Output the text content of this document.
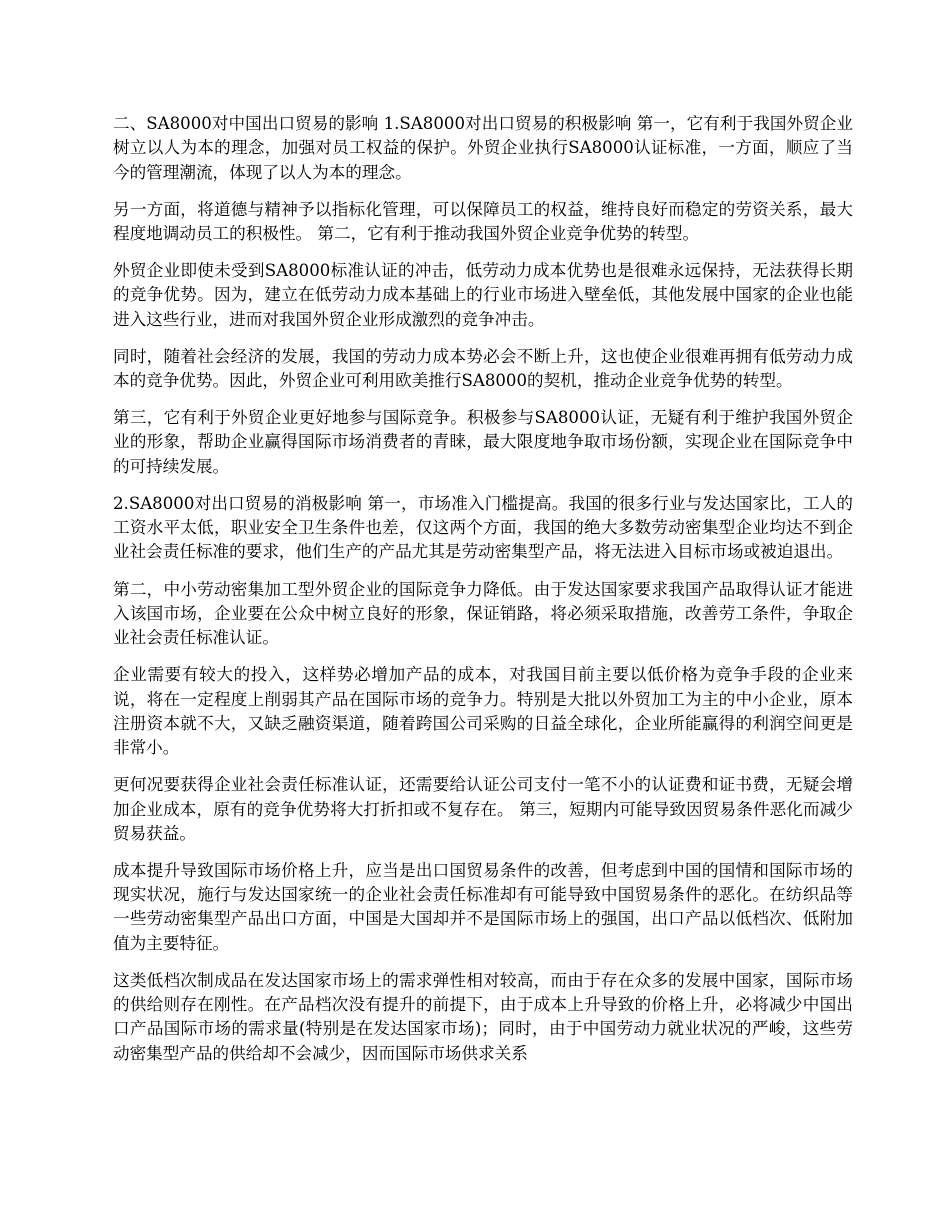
二、SA8000对中国出口贸易的影响 1.SA8000对出口贸易的积极影响 第一，它有利于我国外贸企业树立以人为本的理念，加强对员工权益的保护。外贸企业执行SA8000认证标准，一方面，顺应了当今的管理潮流，体现了以人为本的理念。

另一方面，将道德与精神予以指标化管理，可以保障员工的权益，维持良好而稳定的劳资关系，最大程度地调动员工的积极性。 第二，它有利于推动我国外贸企业竞争优势的转型。

外贸企业即使未受到SA8000标准认证的冲击，低劳动力成本优势也是很难永远保持，无法获得长期的竞争优势。因为，建立在低劳动力成本基础上的行业市场进入壁垒低，其他发展中国家的企业也能进入这些行业，进而对我国外贸企业形成激烈的竞争冲击。

同时，随着社会经济的发展，我国的劳动力成本势必会不断上升，这也使企业很难再拥有低劳动力成本的竞争优势。因此，外贸企业可利用欧美推行SA8000的契机，推动企业竞争优势的转型。

第三，它有利于外贸企业更好地参与国际竞争。积极参与SA8000认证，无疑有利于维护我国外贸企业的形象，帮助企业赢得国际市场消费者的青睐，最大限度地争取市场份额，实现企业在国际竞争中的可持续发展。

2.SA8000对出口贸易的消极影响 第一，市场准入门槛提高。我国的很多行业与发达国家比，工人的工资水平太低，职业安全卫生条件也差，仅这两个方面，我国的绝大多数劳动密集型企业均达不到企业社会责任标准的要求，他们生产的产品尤其是劳动密集型产品，将无法进入目标市场或被迫退出。

第二，中小劳动密集加工型外贸企业的国际竞争力降低。由于发达国家要求我国产品取得认证才能进入该国市场，企业要在公众中树立良好的形象，保证销路，将必须采取措施，改善劳工条件，争取企业社会责任标准认证。

企业需要有较大的投入，这样势必增加产品的成本，对我国目前主要以低价格为竞争手段的企业来说，将在一定程度上削弱其产品在国际市场的竞争力。特别是大批以外贸加工为主的中小企业，原本注册资本就不大，又缺乏融资渠道，随着跨国公司采购的日益全球化，企业所能赢得的利润空间更是非常小。

更何况要获得企业社会责任标准认证，还需要给认证公司支付一笔不小的认证费和证书费，无疑会增加企业成本，原有的竞争优势将大打折扣或不复存在。 第三，短期内可能导致因贸易条件恶化而减少贸易获益。

成本提升导致国际市场价格上升，应当是出口国贸易条件的改善，但考虑到中国的国情和国际市场的现实状况，施行与发达国家统一的企业社会责任标准却有可能导致中国贸易条件的恶化。在纺织品等一些劳动密集型产品出口方面，中国是大国却并不是国际市场上的强国，出口产品以低档次、低附加值为主要特征。

这类低档次制成品在发达国家市场上的需求弹性相对较高，而由于存在众多的发展中国家，国际市场的供给则存在刚性。在产品档次没有提升的前提下，由于成本上升导致的价格上升，必将减少中国出口产品国际市场的需求量(特别是在发达国家市场)；同时，由于中国劳动力就业状况的严峻，这些劳动密集型产品的供给却不会减少，因而国际市场供求关系
